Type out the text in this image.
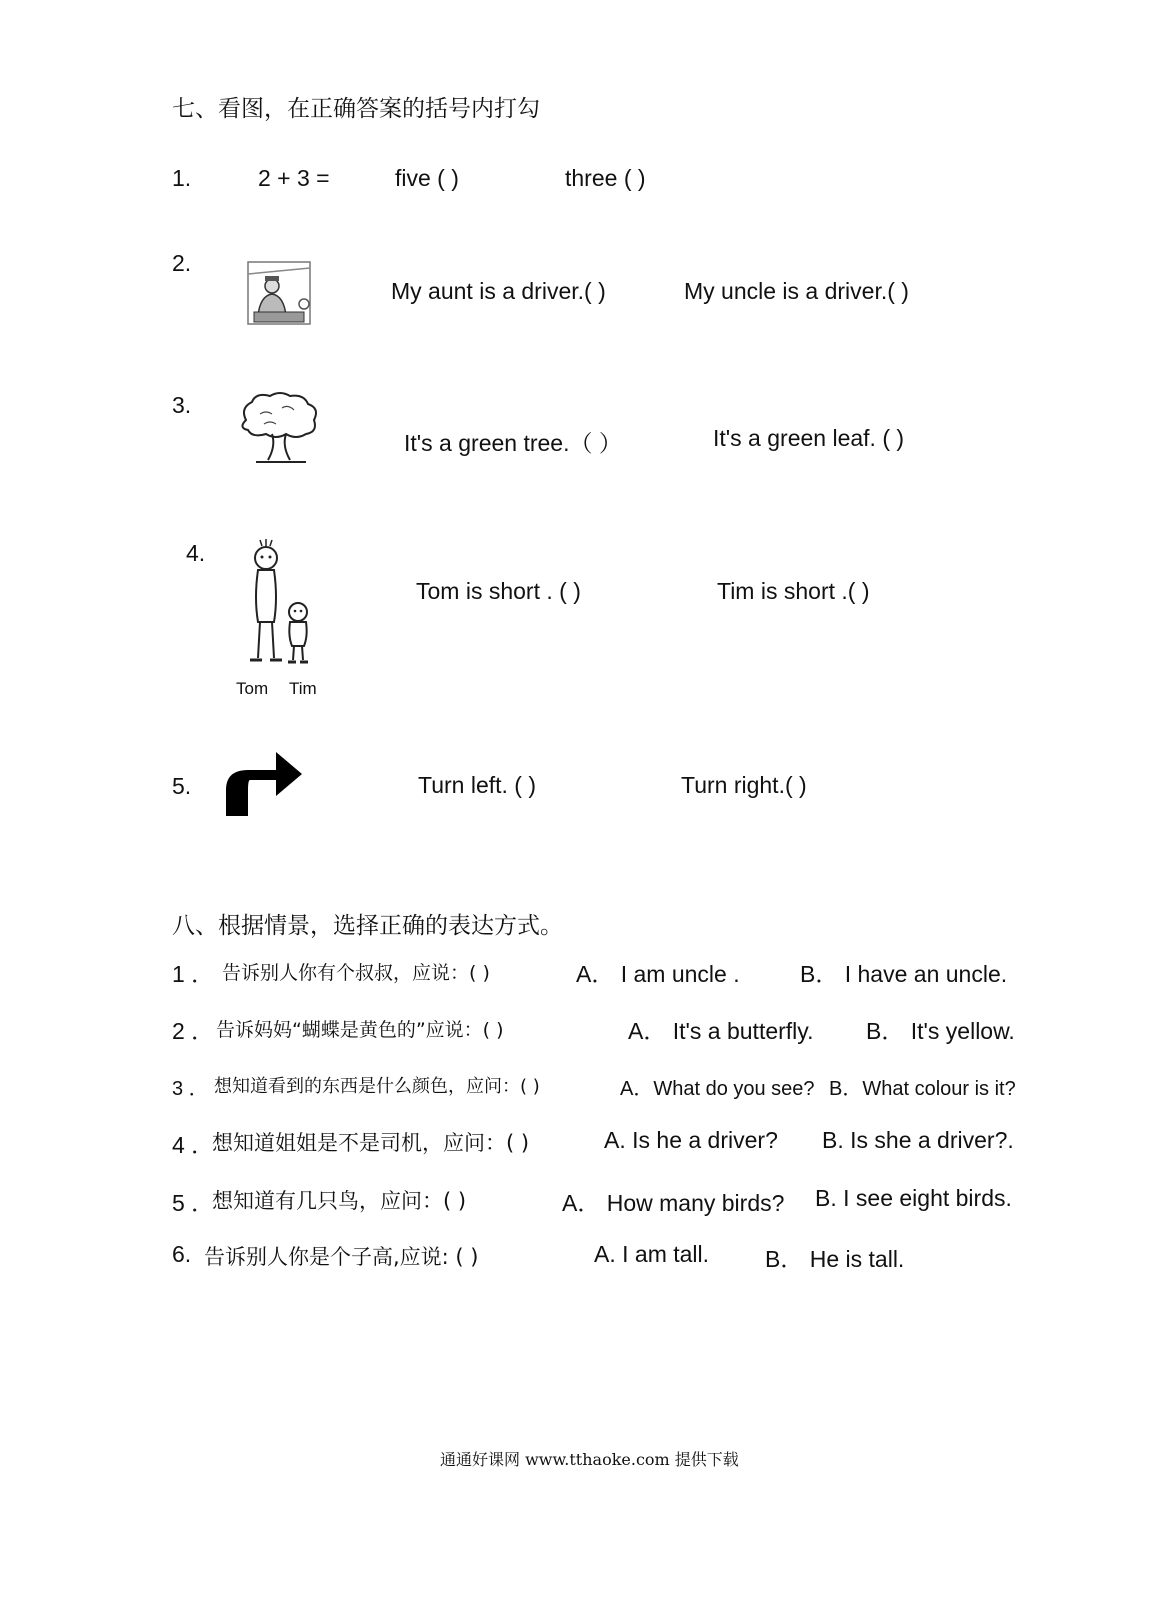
七、看图，在正确答案的括号内打勾
1.	2 + 3 =	five ( )	three ( )
2.
My aunt is a driver.( )	My uncle is a driver.( )
3.
It's a green tree.（ ）	It's a green leaf. ( )
4.
Tom Tim
Tom is short . ( )	Tim is short .( )
5.	Turn left. ( )	Turn right.( )
八、根据情景，选择正确的表达方式。
1 ． 告诉别人你有个叔叔，应说：( )	A． I am uncle .	B． I have an uncle.
2 ． 告诉妈妈“蝴蝶是黄色的”应说：( )	A． It's a butterfly. B． It's yellow.
3 ． 想知道看到的东西是什么颜色，应问：( )	A．What do you see? B．What colour is it?
4 ．
想知道姐姐是不是司机，应问：( )	A. Is he a driver? B. Is she a driver?.
5 ．
想知道有几只鸟，应问：( )	A． How many birds? B. I see eight birds.
6. 告诉别人你是个子高,应说: ( )	A. I am tall. B． He is tall.
通通好课网 www.tthaoke.com 提供下载
